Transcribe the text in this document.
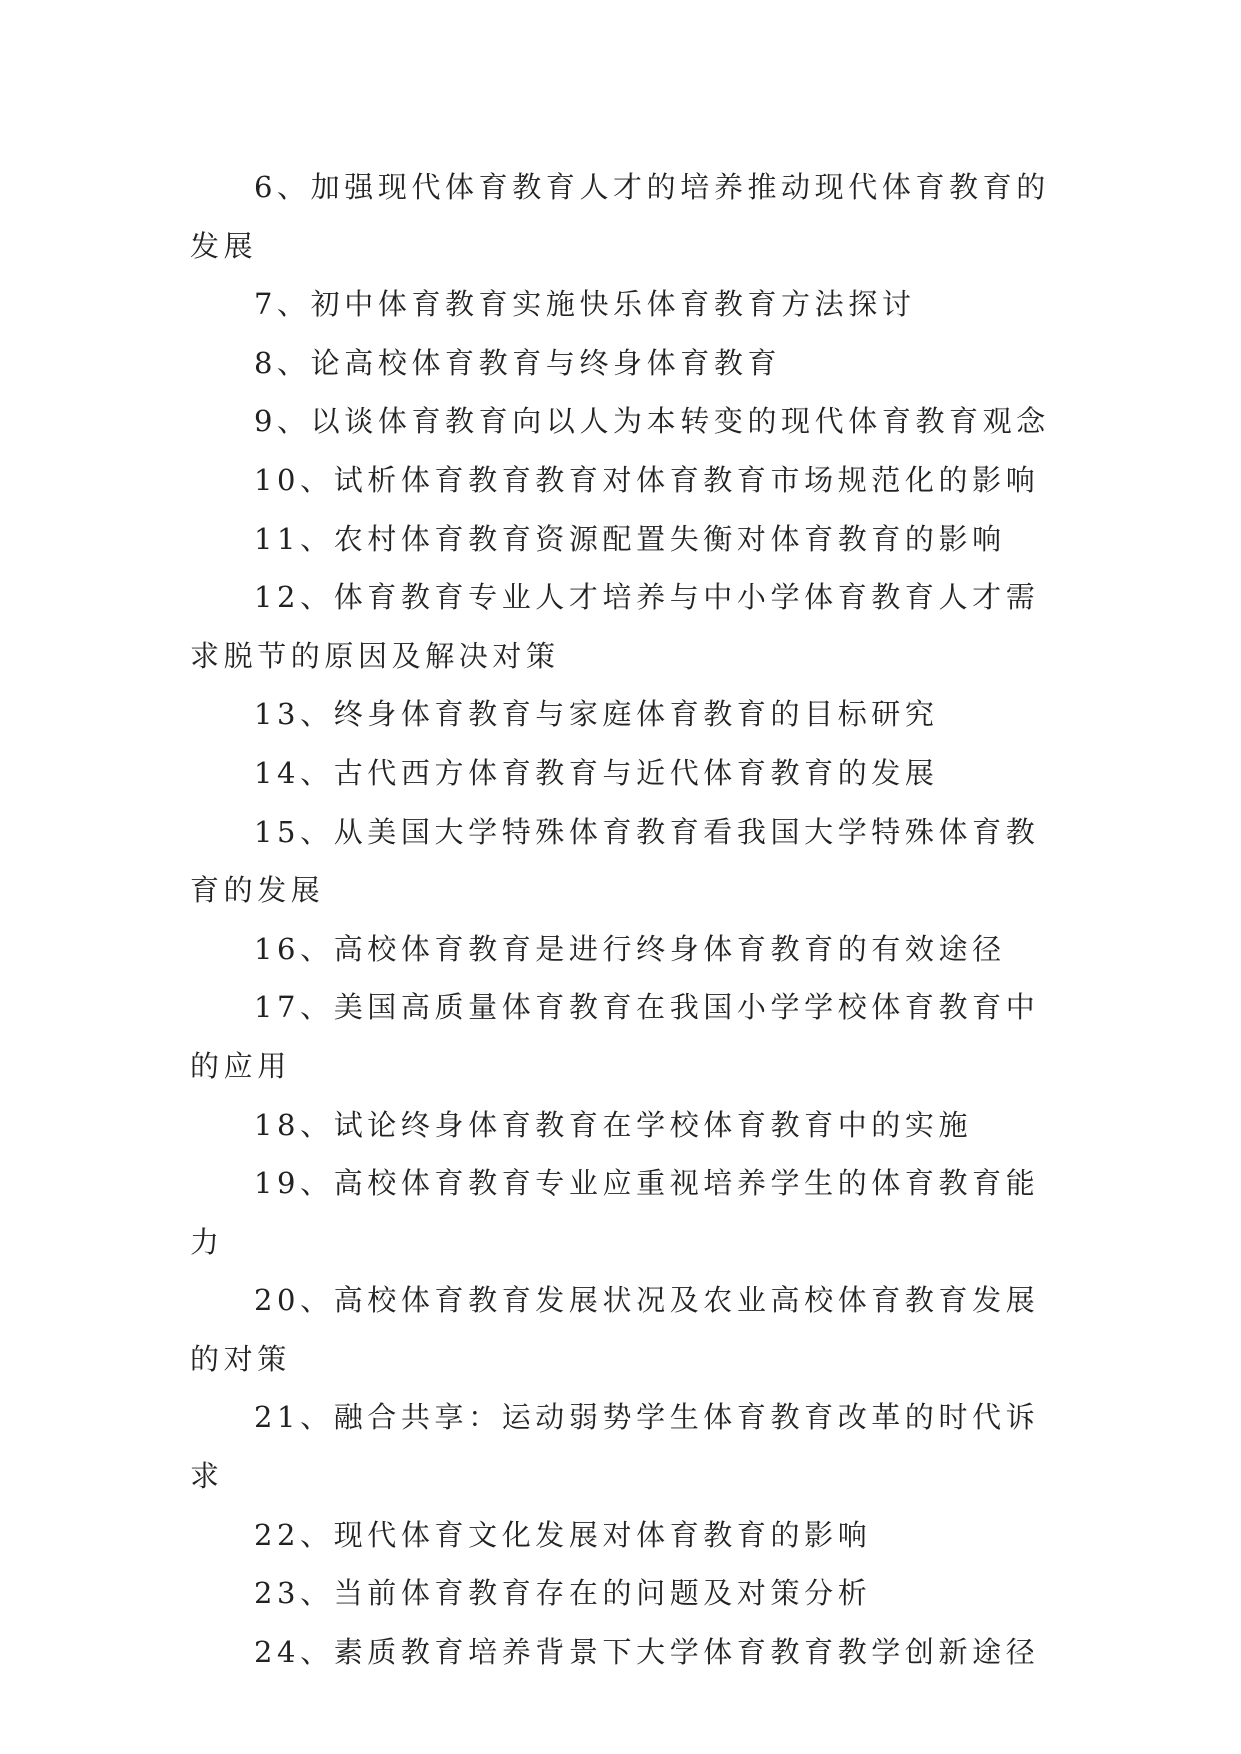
6、加强现代体育教育人才的培养推动现代体育教育的发展

7、初中体育教育实施快乐体育教育方法探讨

8、论高校体育教育与终身体育教育

9、以谈体育教育向以人为本转变的现代体育教育观念

10、试析体育教育教育对体育教育市场规范化的影响

11、农村体育教育资源配置失衡对体育教育的影响

12、体育教育专业人才培养与中小学体育教育人才需求脱节的原因及解决对策

13、终身体育教育与家庭体育教育的目标研究

14、古代西方体育教育与近代体育教育的发展

15、从美国大学特殊体育教育看我国大学特殊体育教育的发展

16、高校体育教育是进行终身体育教育的有效途径

17、美国高质量体育教育在我国小学学校体育教育中的应用

18、试论终身体育教育在学校体育教育中的实施

19、高校体育教育专业应重视培养学生的体育教育能力

20、高校体育教育发展状况及农业高校体育教育发展的对策

21、融合共享：运动弱势学生体育教育改革的时代诉求

22、现代体育文化发展对体育教育的影响

23、当前体育教育存在的问题及对策分析

24、素质教育培养背景下大学体育教育教学创新途径
